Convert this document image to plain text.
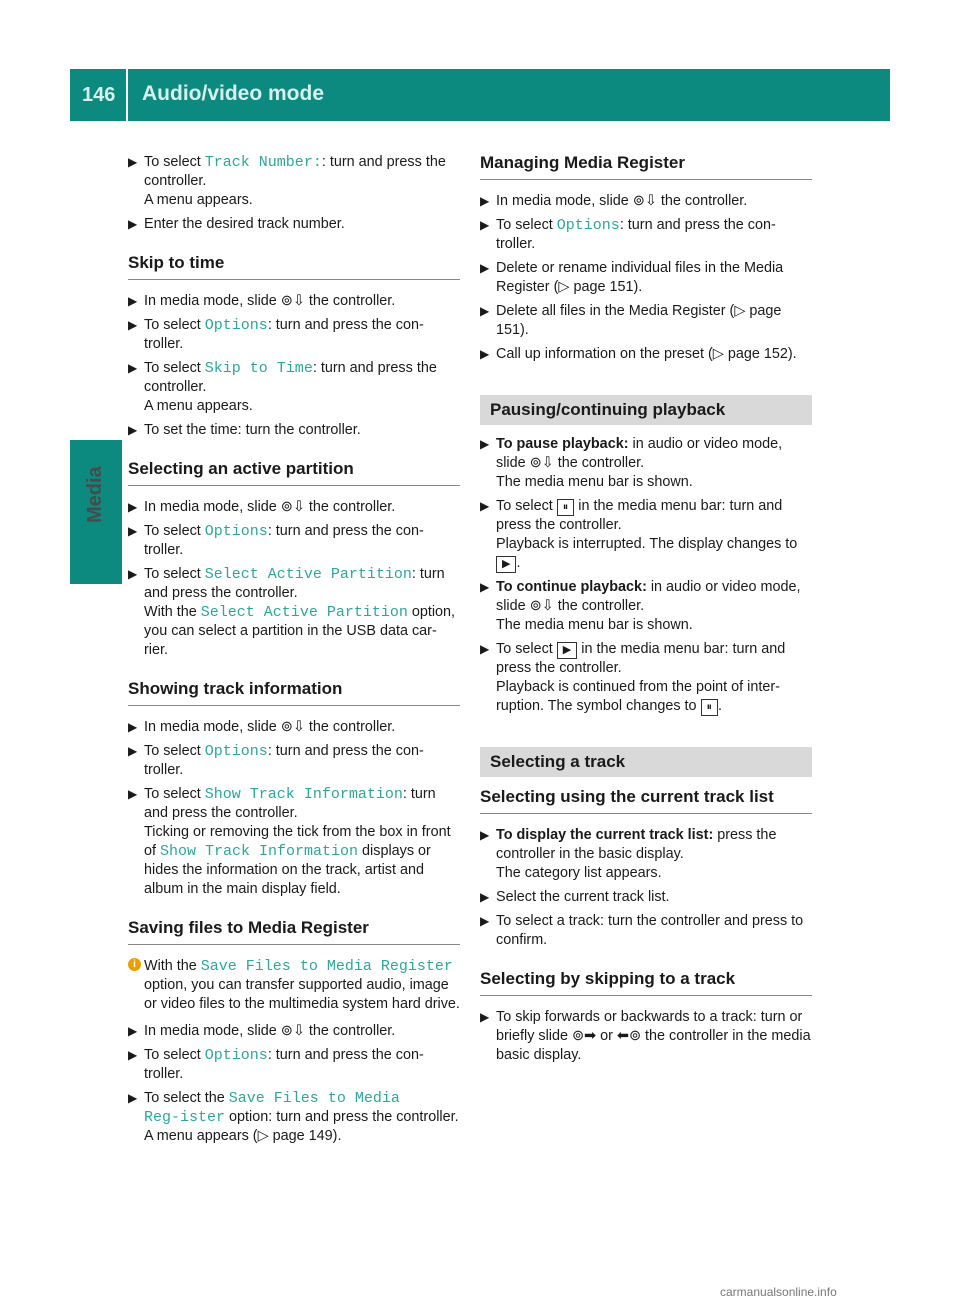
146 Audio/video mode
Media
▶ To select Track Number:: turn and press the controller.
A menu appears.
▶ Enter the desired track number.
Skip to time
▶ In media mode, slide ⊚⇩ the controller.
▶ To select Options: turn and press the con-troller.
▶ To select Skip to Time: turn and press the controller.
A menu appears.
▶ To set the time: turn the controller.
Selecting an active partition
▶ In media mode, slide ⊚⇩ the controller.
▶ To select Options: turn and press the con-troller.
▶ To select Select Active Partition: turn and press the controller.
With the Select Active Partition option, you can select a partition in the USB data car-rier.
Showing track information
▶ In media mode, slide ⊚⇩ the controller.
▶ To select Options: turn and press the con-troller.
▶ To select Show Track Information: turn and press the controller.
Ticking or removing the tick from the box in front of Show Track Information displays or hides the information on the track, artist and album in the main display field.
Saving files to Media Register
i With the Save Files to Media Register option, you can transfer supported audio, image or video files to the multimedia system hard drive.
▶ In media mode, slide ⊚⇩ the controller.
▶ To select Options: turn and press the con-troller.
▶ To select the Save Files to Media Reg‑ister option: turn and press the controller.
A menu appears (▷ page 149).
Managing Media Register
▶ In media mode, slide ⊚⇩ the controller.
▶ To select Options: turn and press the con-troller.
▶ Delete or rename individual files in the Media Register (▷ page 151).
▶ Delete all files in the Media Register (▷ page 151).
▶ Call up information on the preset (▷ page 152).
Pausing/continuing playback
▶ To pause playback: in audio or video mode, slide ⊚⇩ the controller.
The media menu bar is shown.
▶ To select ⏸ in the media menu bar: turn and press the controller.
Playback is interrupted. The display changes to ▶ .
▶ To continue playback: in audio or video mode, slide ⊚⇩ the controller.
The media menu bar is shown.
▶ To select ▶ in the media menu bar: turn and press the controller.
Playback is continued from the point of inter-ruption. The symbol changes to ⏸ .
Selecting a track
Selecting using the current track list
▶ To display the current track list: press the controller in the basic display.
The category list appears.
▶ Select the current track list.
▶ To select a track: turn the controller and press to confirm.
Selecting by skipping to a track
▶ To skip forwards or backwards to a track: turn or briefly slide ⊚➡ or ⬅⊚ the controller in the media basic display.
carmanualsonline.info
